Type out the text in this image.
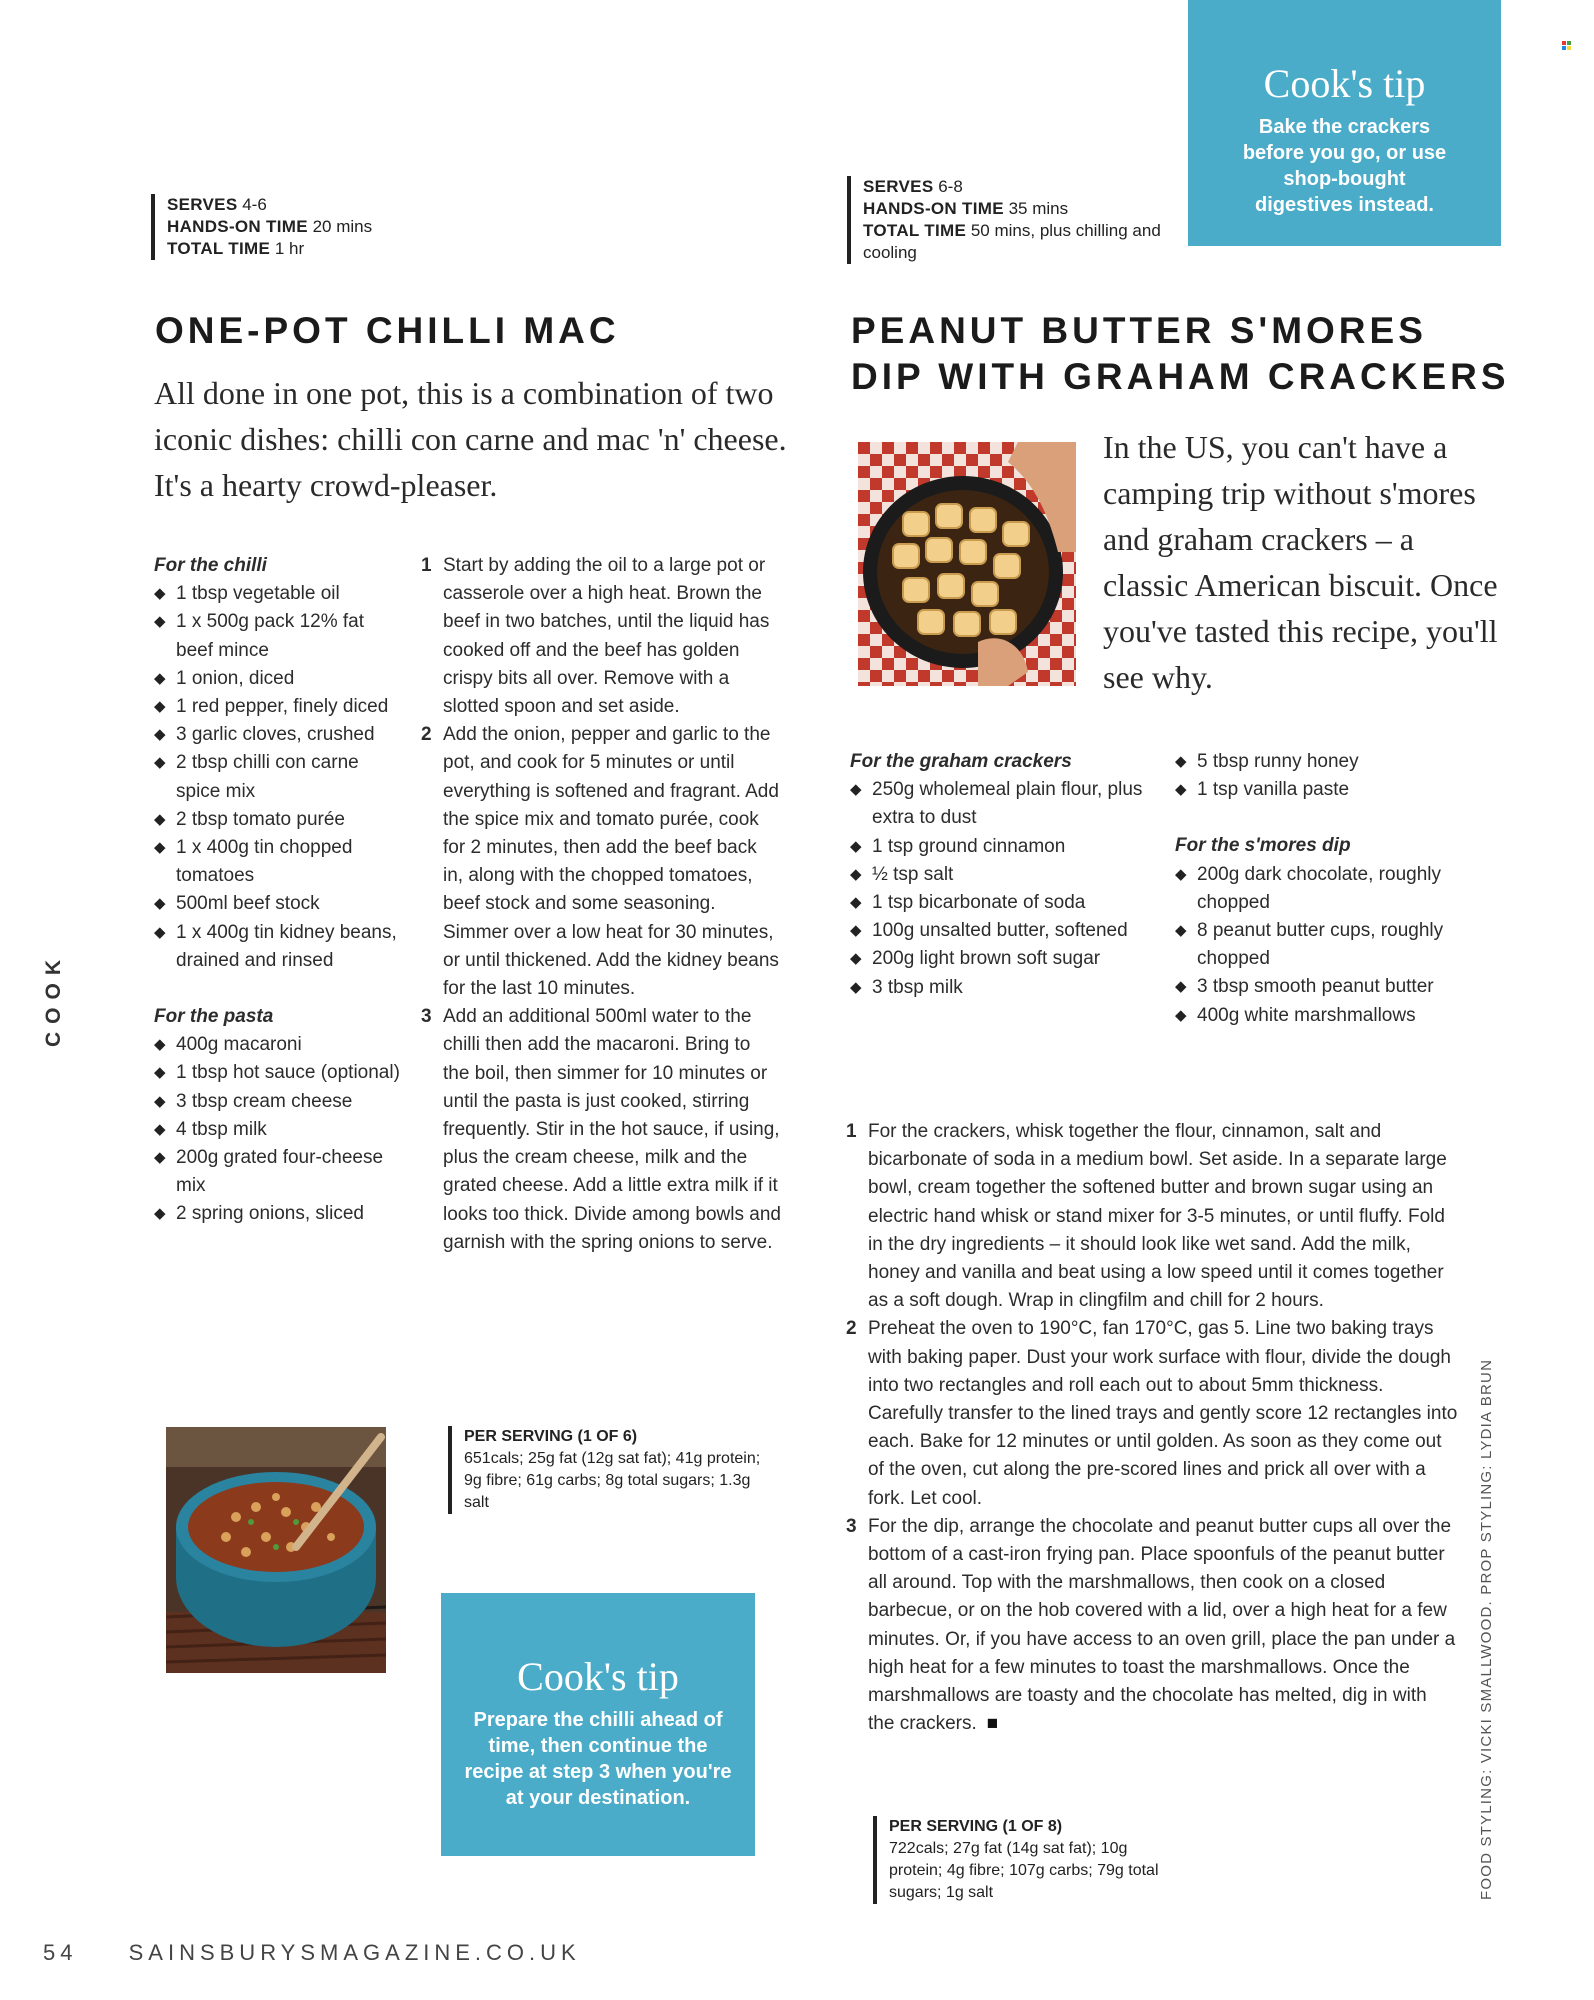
Cook's tip
Bake the crackers before you go, or use shop-bought digestives instead.
SERVES 4-6
HANDS-ON TIME 20 mins
TOTAL TIME 1 hr
ONE-POT CHILLI MAC
All done in one pot, this is a combination of two iconic dishes: chilli con carne and mac 'n' cheese. It's a hearty crowd-pleaser.
For the chilli
◆ 1 tbsp vegetable oil
◆ 1 x 500g pack 12% fat beef mince
◆ 1 onion, diced
◆ 1 red pepper, finely diced
◆ 3 garlic cloves, crushed
◆ 2 tbsp chilli con carne spice mix
◆ 2 tbsp tomato purée
◆ 1 x 400g tin chopped tomatoes
◆ 500ml beef stock
◆ 1 x 400g tin kidney beans, drained and rinsed
For the pasta
◆ 400g macaroni
◆ 1 tbsp hot sauce (optional)
◆ 3 tbsp cream cheese
◆ 4 tbsp milk
◆ 200g grated four-cheese mix
◆ 2 spring onions, sliced
1 Start by adding the oil to a large pot or casserole over a high heat. Brown the beef in two batches, until the liquid has cooked off and the beef has golden crispy bits all over. Remove with a slotted spoon and set aside.
2 Add the onion, pepper and garlic to the pot, and cook for 5 minutes or until everything is softened and fragrant. Add the spice mix and tomato purée, cook for 2 minutes, then add the beef back in, along with the chopped tomatoes, beef stock and some seasoning. Simmer over a low heat for 30 minutes, or until thickened. Add the kidney beans for the last 10 minutes.
3 Add an additional 500ml water to the chilli then add the macaroni. Bring to the boil, then simmer for 10 minutes or until the pasta is just cooked, stirring frequently. Stir in the hot sauce, if using, plus the cream cheese, milk and the grated cheese. Add a little extra milk if it looks too thick. Divide among bowls and garnish with the spring onions to serve.
PER SERVING (1 OF 6)
651cals; 25g fat (12g sat fat); 41g protein; 9g fibre; 61g carbs; 8g total sugars; 1.3g salt
Cook's tip
Prepare the chilli ahead of time, then continue the recipe at step 3 when you're at your destination.
SERVES 6-8
HANDS-ON TIME 35 mins
TOTAL TIME 50 mins, plus chilling and cooling
PEANUT BUTTER S'MORES
DIP WITH GRAHAM CRACKERS
In the US, you can't have a camping trip without s'mores and graham crackers – a classic American biscuit. Once you've tasted this recipe, you'll see why.
For the graham crackers
◆ 250g wholemeal plain flour, plus extra to dust
◆ 1 tsp ground cinnamon
◆ ½ tsp salt
◆ 1 tsp bicarbonate of soda
◆ 100g unsalted butter, softened
◆ 200g light brown soft sugar
◆ 3 tbsp milk
◆ 5 tbsp runny honey
◆ 1 tsp vanilla paste
For the s'mores dip
◆ 200g dark chocolate, roughly chopped
◆ 8 peanut butter cups, roughly chopped
◆ 3 tbsp smooth peanut butter
◆ 400g white marshmallows
1 For the crackers, whisk together the flour, cinnamon, salt and bicarbonate of soda in a medium bowl. Set aside. In a separate large bowl, cream together the softened butter and brown sugar using an electric hand whisk or stand mixer for 3-5 minutes, or until fluffy. Fold in the dry ingredients – it should look like wet sand. Add the milk, honey and vanilla and beat using a low speed until it comes together as a soft dough. Wrap in clingfilm and chill for 2 hours.
2 Preheat the oven to 190°C, fan 170°C, gas 5. Line two baking trays with baking paper. Dust your work surface with flour, divide the dough into two rectangles and roll each out to about 5mm thickness. Carefully transfer to the lined trays and gently score 12 rectangles into each. Bake for 12 minutes or until golden. As soon as they come out of the oven, cut along the pre-scored lines and prick all over with a fork. Let cool.
3 For the dip, arrange the chocolate and peanut butter cups all over the bottom of a cast-iron frying pan. Place spoonfuls of the peanut butter all around. Top with the marshmallows, then cook on a closed barbecue, or on the hob covered with a lid, over a high heat for a few minutes. Or, if you have access to an oven grill, place the pan under a high heat for a few minutes to toast the marshmallows. Once the marshmallows are toasty and the chocolate has melted, dig in with the crackers. ■
PER SERVING (1 OF 8)
722cals; 27g fat (14g sat fat); 10g protein; 4g fibre; 107g carbs; 79g total sugars; 1g salt	FOOD STYLING: VICKI SMALLWOOD. PROP STYLING: LYDIA BRUN
COOK
54 SAINSBURYSMAGAZINE.CO.UK
